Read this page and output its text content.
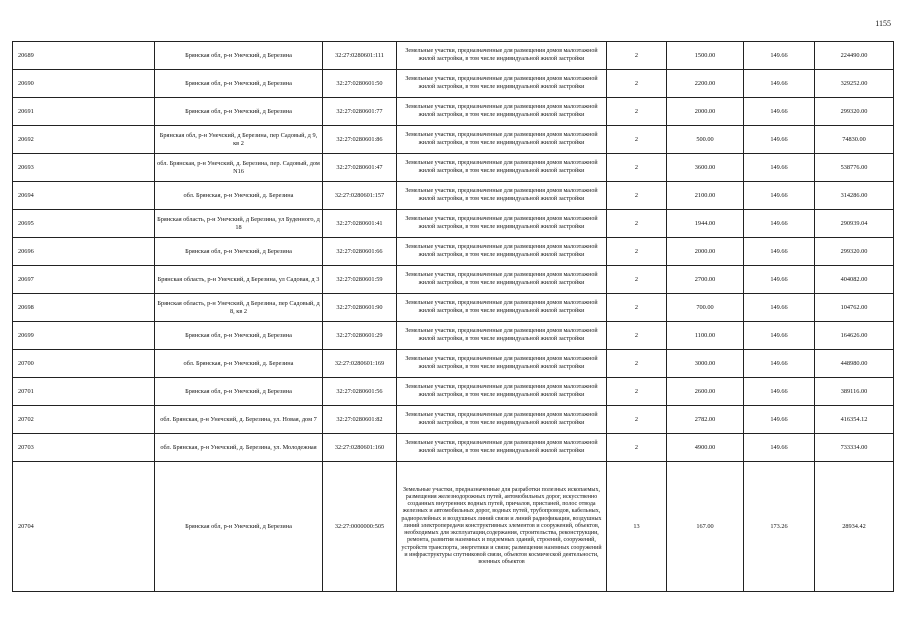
1155
20689	Брянская обл, р-н Унечский, д Березина	32:27:0280601:111	Земельные участки, предназначенные для размещения домов малоэтажной жилой застройки, в том числе индивидуальной жилой застройки	2	1500.00	149.66	224490.00
20690	Брянская обл, р-н Унечский, д Березина	32:27:0280601:50	Земельные участки, предназначенные для размещения домов малоэтажной жилой застройки, в том числе индивидуальной жилой застройки	2	2200.00	149.66	329252.00
20691	Брянская обл, р-н Унечский, д Березина	32:27:0280601:77	Земельные участки, предназначенные для размещения домов малоэтажной жилой застройки, в том числе индивидуальной жилой застройки	2	2000.00	149.66	299320.00
20692	Брянская обл, р-н Унечский, д Березина, пер Садовый, д 9, кв 2	32:27:0280601:86	Земельные участки, предназначенные для размещения домов малоэтажной жилой застройки, в том числе индивидуальной жилой застройки	2	500.00	149.66	74830.00
20693	обл. Брянская, р-н Унечский, д. Березина, пер. Садовый, дом N16	32:27:0280601:47	Земельные участки, предназначенные для размещения домов малоэтажной жилой застройки, в том числе индивидуальной жилой застройки	2	3600.00	149.66	538776.00
20694	обл. Брянская, р-н Унечский, д. Березина	32:27:0280601:157	Земельные участки, предназначенные для размещения домов малоэтажной жилой застройки, в том числе индивидуальной жилой застройки	2	2100.00	149.66	314286.00
20695	Брянская область, р-н Унечский, д Березина, ул Буденного, д 18	32:27:0280601:41	Земельные участки, предназначенные для размещения домов малоэтажной жилой застройки, в том числе индивидуальной жилой застройки	2	1944.00	149.66	290939.04
20696	Брянская обл, р-н Унечский, д Березина	32:27:0280601:66	Земельные участки, предназначенные для размещения домов малоэтажной жилой застройки, в том числе индивидуальной жилой застройки	2	2000.00	149.66	299320.00
20697	Брянская область, р-н Унечский, д Березина, ул Садовая, д 3	32:27:0280601:59	Земельные участки, предназначенные для размещения домов малоэтажной жилой застройки, в том числе индивидуальной жилой застройки	2	2700.00	149.66	404082.00
20698	Брянская область, р-н Унечский, д Березина, пер Садовый, д 8, кв 2	32:27:0280601:90	Земельные участки, предназначенные для размещения домов малоэтажной жилой застройки, в том числе индивидуальной жилой застройки	2	700.00	149.66	104762.00
20699	Брянская обл, р-н Унечский, д Березина	32:27:0280601:29	Земельные участки, предназначенные для размещения домов малоэтажной жилой застройки, в том числе индивидуальной жилой застройки	2	1100.00	149.66	164626.00
20700	обл. Брянская, р-н Унечский, д. Березина	32:27:0280601:169	Земельные участки, предназначенные для размещения домов малоэтажной жилой застройки, в том числе индивидуальной жилой застройки	2	3000.00	149.66	448980.00
20701	Брянская обл, р-н Унечский, д Березина	32:27:0280601:56	Земельные участки, предназначенные для размещения домов малоэтажной жилой застройки, в том числе индивидуальной жилой застройки	2	2600.00	149.66	389116.00
20702	обл. Брянская, р-н Унечский, д. Березина, ул. Новая, дом 7	32:27:0280601:82	Земельные участки, предназначенные для размещения домов малоэтажной жилой застройки, в том числе индивидуальной жилой застройки	2	2782.00	149.66	416354.12
20703	обл. Брянская, р-н Унечский, д. Березина, ул. Молодежная	32:27:0280601:160	Земельные участки, предназначенные для размещения домов малоэтажной жилой застройки, в том числе индивидуальной жилой застройки	2	4900.00	149.66	733334.00
20704	Брянская обл, р-н Унечский, д Березина	32:27:0000000:505	Земельные участки, предназначенные для разработки полезных ископаемых, размещения железнодорожных путей, автомобильных дорог, искусственно созданных внутренних водных путей, причалов, пристаней, полос отвода железных и автомобильных дорог, водных путей, трубопроводов, кабельных, радиорелейных и воздушных линий связи и линий радиофикации, воздушных линий электропередачи конструктивных элементов и сооружений, объектов, необходимых для эксплуатации,содержания, строительства, реконструкции, ремонта, развития наземных и подземных зданий, строений, сооружений, устройств транспорта, энергетики и связи; размещения наземных сооружений и инфраструктуры спутниковой связи, объектов космической деятельности, военных объектов	13	167.00	173.26	28934.42
